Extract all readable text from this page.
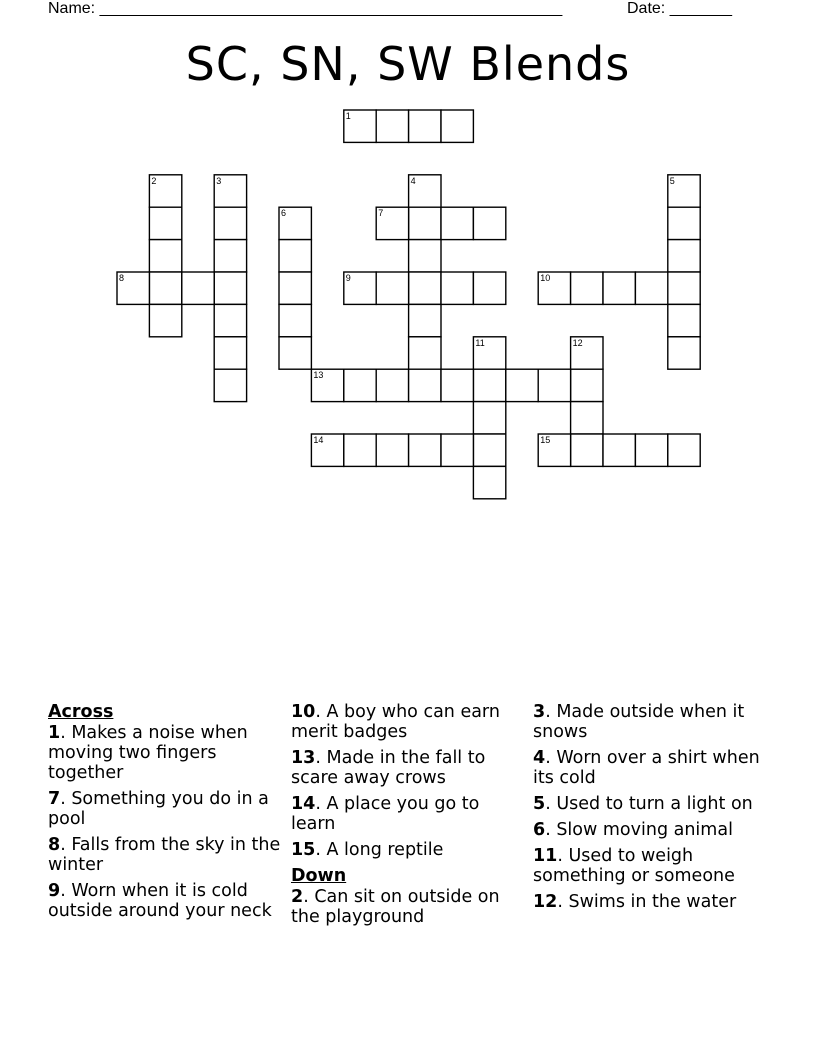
Name: ____________________________________________________	Date: _______
SC, SN, SW Blends
1
2	3	4	5
6	7
8	9	10
11	12
13
14	15
Across
1. Makes a noise when moving two fingers together
7. Something you do in a pool
8. Falls from the sky in the winter
9. Worn when it is cold outside around your neck
10. A boy who can earn merit badges
13. Made in the fall to scare away crows
14. A place you go to learn
15. A long reptile
Down
2. Can sit on outside on the playground
3. Made outside when it snows
4. Worn over a shirt when its cold
5. Used to turn a light on
6. Slow moving animal
11. Used to weigh something or someone
12. Swims in the water
